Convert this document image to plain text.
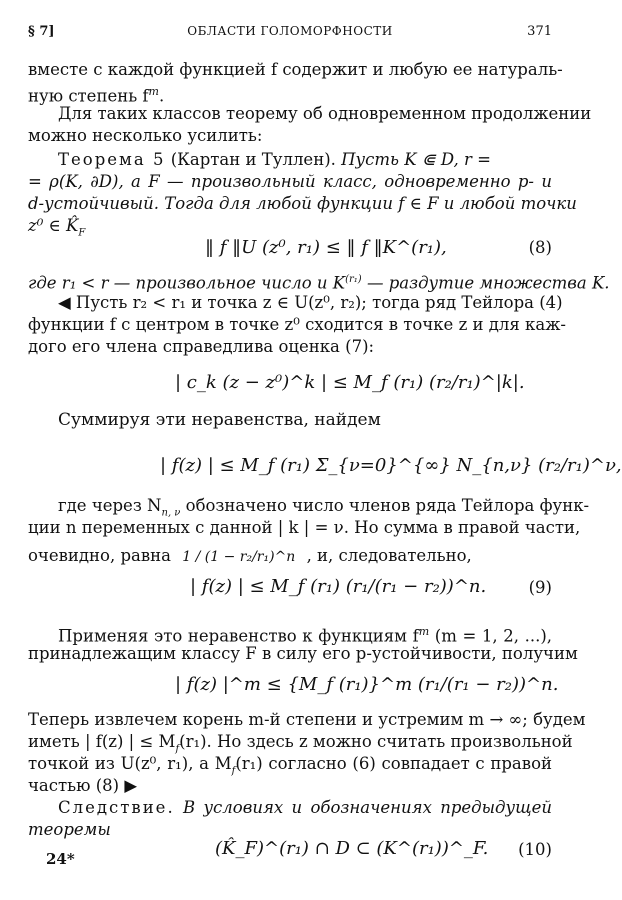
§ 7]	ОБЛАСТИ ГОЛОМОРФНОСТИ	371
вместе с каждой функцией f содержит и любую ее натураль-
ную степень $f^m$.
Для таких классов теорему об одновременном продолжении
можно несколько усилить:
Теорема 5 (Картан и Туллен). Пусть K ⋐ D, r =
= ρ(K, ∂D), а F — произвольный класс, одновременно p- и
d-устойчивый. Тогда для любой функции f ∈ F и любой точки
z⁰ ∈ $K̂_F$
‖ f ‖U (z⁰, r₁) ≤ ‖ f ‖K^(r₁),	(8)
где r₁ < r — произвольное число и $K^{(r_1)}$ — раздутие множества K.
◀ Пусть r₂ < r₁ и точка z ∈ U(z⁰, r₂); тогда ряд Тейлора (4)
функции f с центром в точке z⁰ сходится в точке z и для каж-
дого его члена справедлива оценка (7):
| c_k (z − z⁰)^k | ≤ M_f (r₁) (r₂/r₁)^|k|.
Суммируя эти неравенства, найдем
| f(z) | ≤ M_f (r₁) Σ_{ν=0}^{∞} N_{n,ν} (r₂/r₁)^ν,
где через $N_{n, \nu}$ обозначено число членов ряда Тейлора функ-
ции n переменных с данной | k | = ν. Но сумма в правой части,
очевидно, равна 1 / (1 − r₂/r₁)^n , и, следовательно,
| f(z) | ≤ M_f (r₁) (r₁/(r₁ − r₂))^n.	(9)
Применяя это неравенство к функциям $f^m$ (m = 1, 2, ...),
принадлежащим классу F в силу его p-устойчивости, получим
| f(z) |^m ≤ {M_f (r₁)}^m (r₁/(r₁ − r₂))^n.
Теперь извлечем корень m-й степени и устремим m → ∞; будем
иметь | f(z) | ≤ $M_f(r_1)$. Но здесь z можно считать произвольной
точкой из U(z⁰, r₁), а $M_f(r_1)$ согласно (6) совпадает с правой
частью (8) ▶
Следствие. В условиях и обозначениях предыдущей
теоремы
(K̂_F)^(r₁) ∩ D ⊂ (K^(r₁))^_F. (10)
24*
